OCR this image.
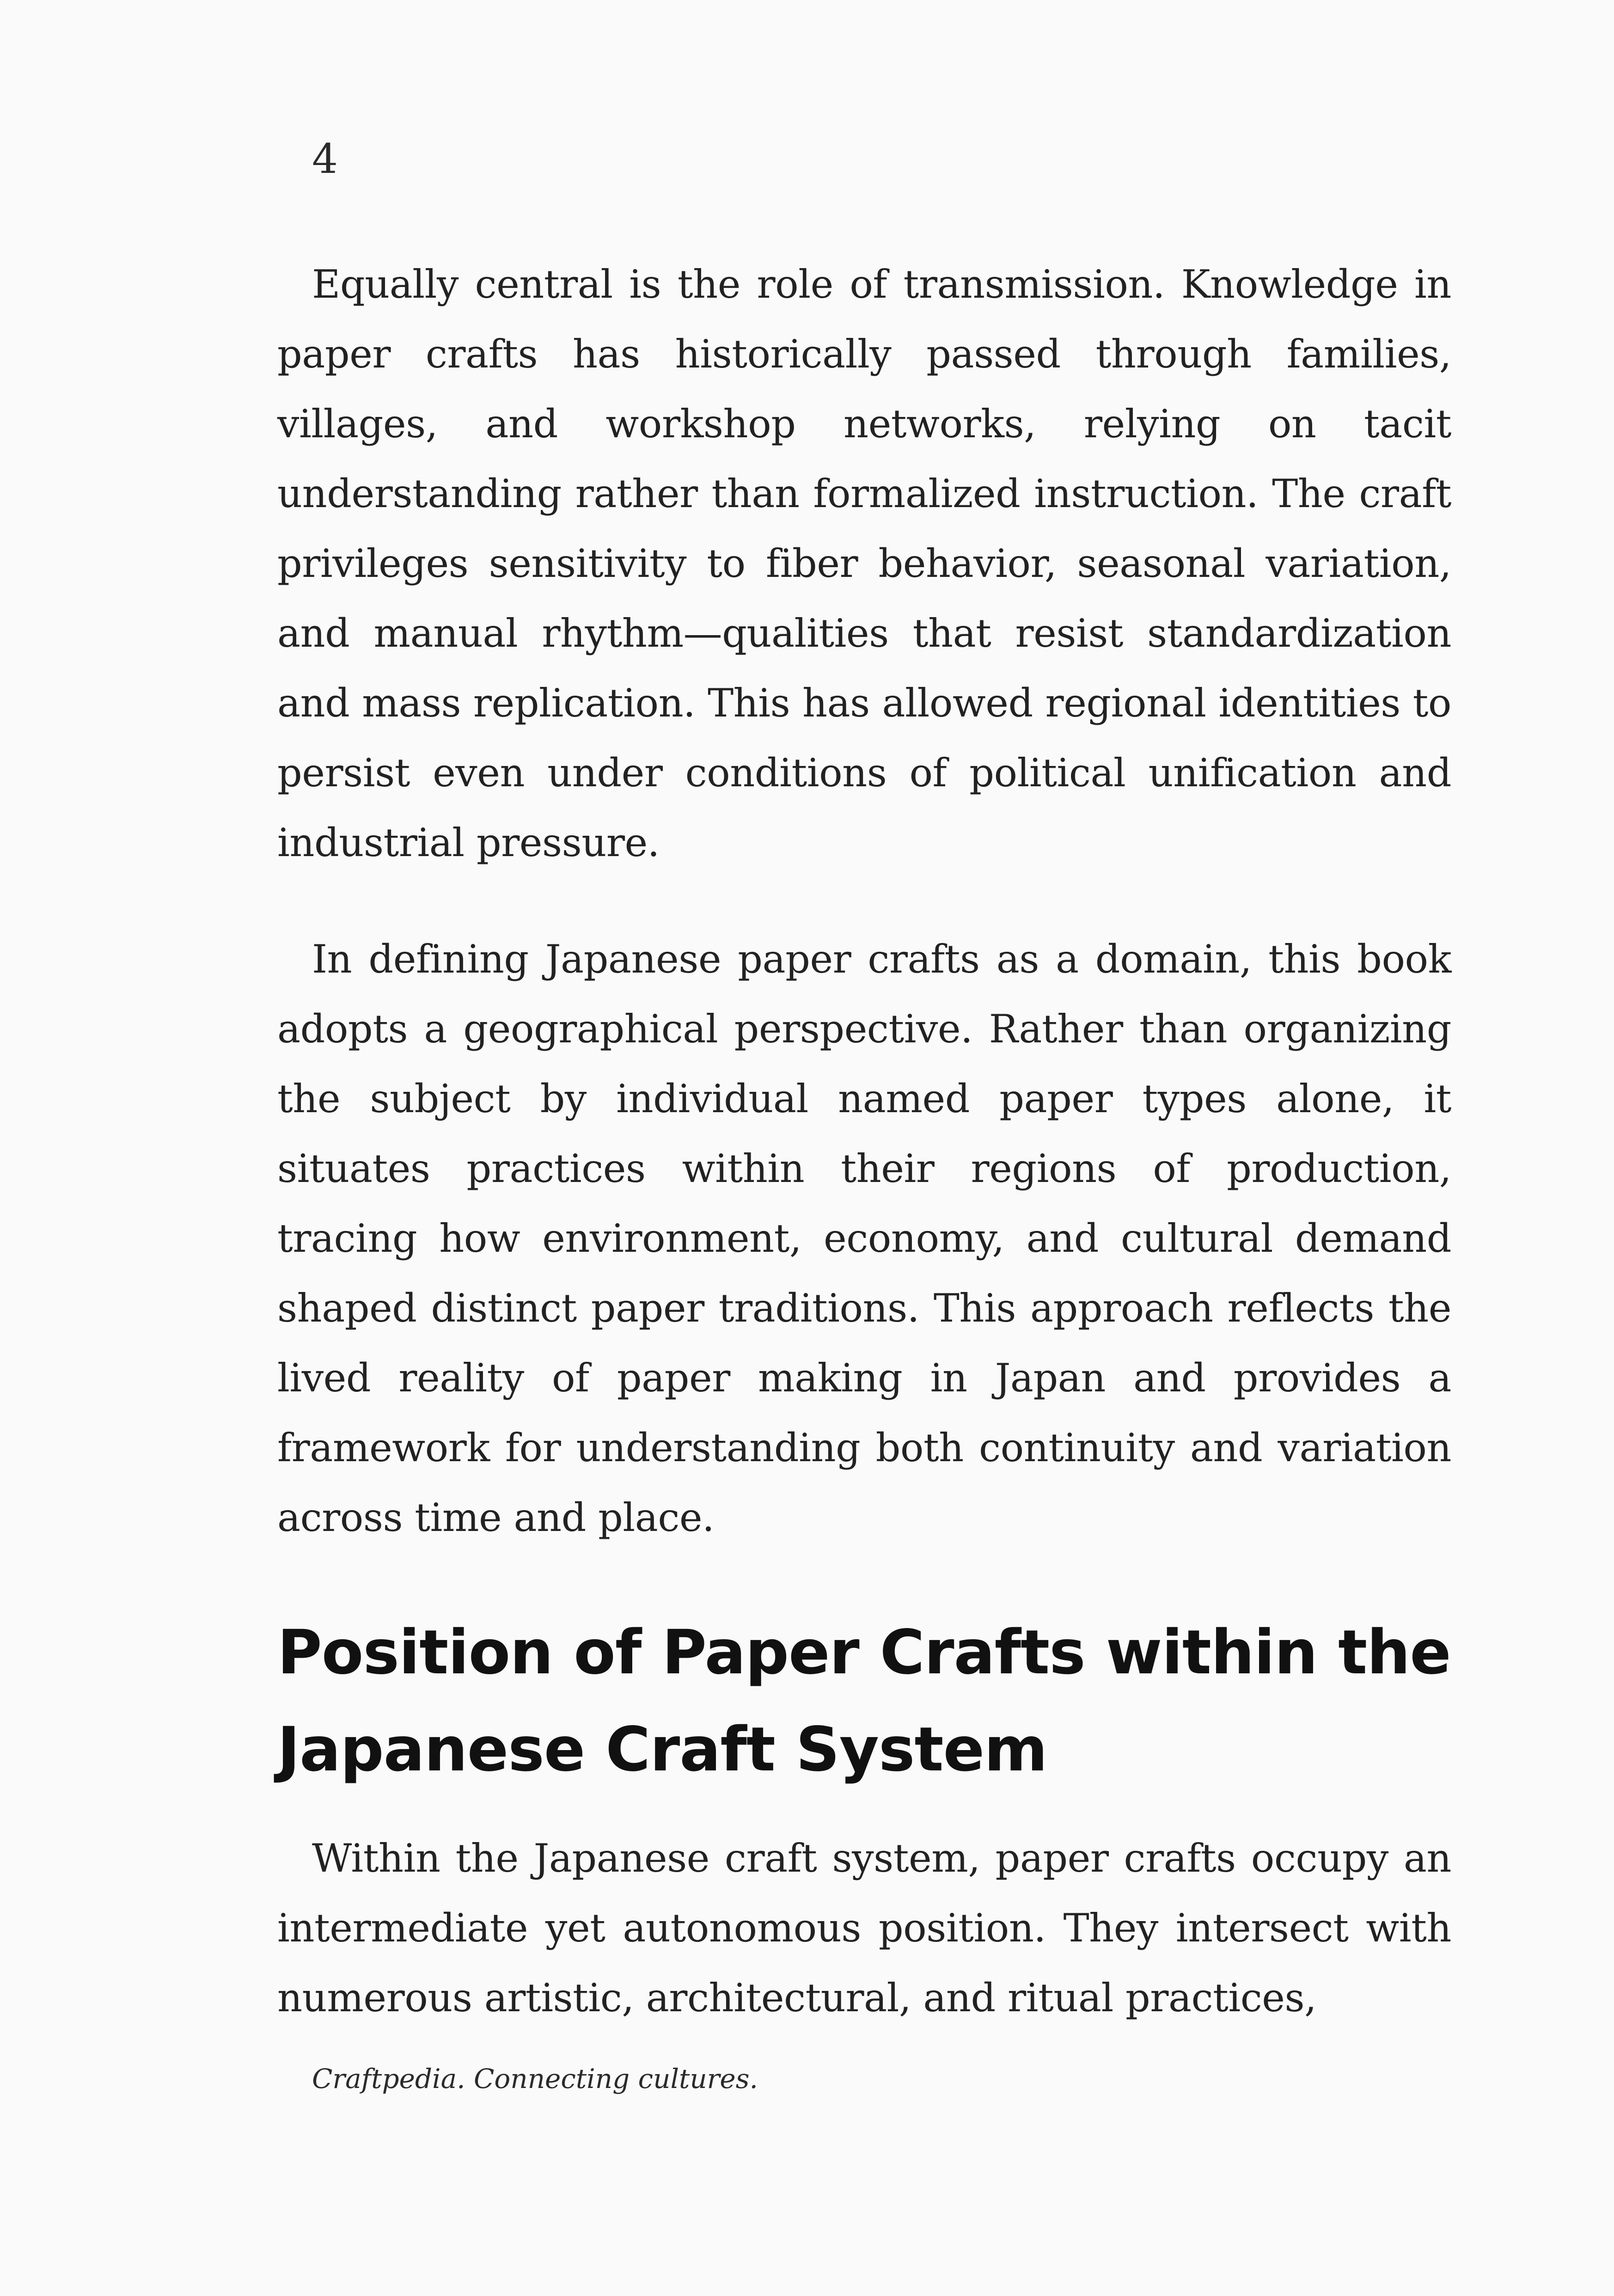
4

Equally central is the role of transmission. Knowledge in paper crafts has historically passed through families, villages, and workshop networks, relying on tacit understanding rather than formalized instruction. The craft privileges sensitivity to fiber behavior, seasonal variation, and manual rhythm—qualities that resist standardization and mass replication. This has allowed regional identities to persist even under conditions of political unification and industrial pressure.

In defining Japanese paper crafts as a domain, this book adopts a geographical perspective. Rather than organizing the subject by individual named paper types alone, it situates practices within their regions of production, tracing how environment, economy, and cultural demand shaped distinct paper traditions. This approach reflects the lived reality of paper making in Japan and provides a framework for understanding both continuity and variation across time and place.

Position of Paper Crafts within the Japanese Craft System

Within the Japanese craft system, paper crafts occupy an intermediate yet autonomous position. They intersect with numerous artistic, architectural, and ritual practices,

Craftpedia. Connecting cultures.
